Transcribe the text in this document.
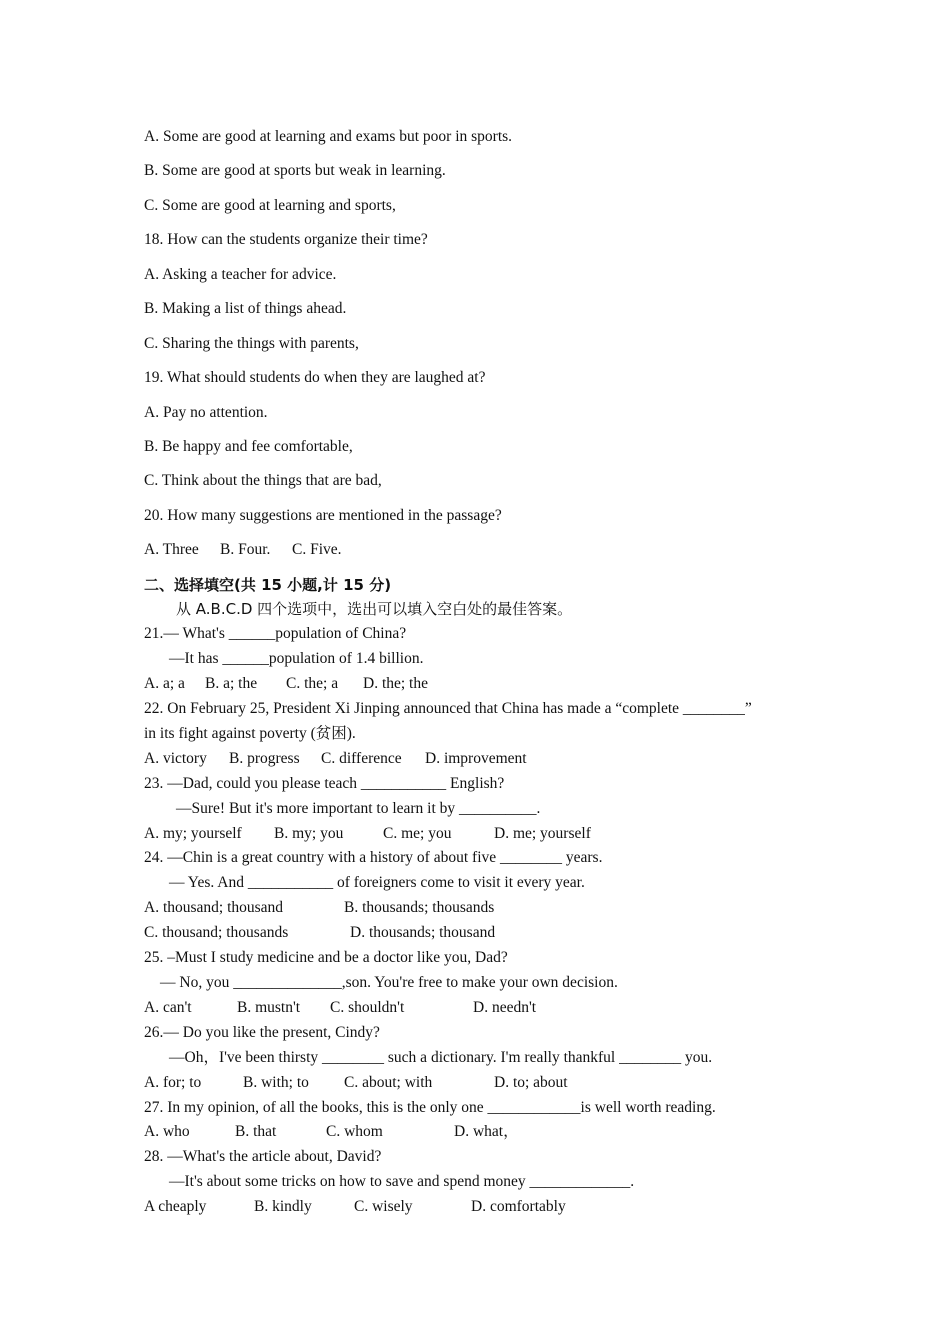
A. Some are good at learning and exams but poor in sports.
B. Some are good at sports but weak in learning.
C. Some are good at learning and sports,
18. How can the students organize their time?
A. Asking a teacher for advice.
B. Making a list of things ahead.
C. Sharing the things with parents,
19. What should students do when they are laughed at?
A. Pay no attention.
B. Be happy and fee comfortable,
C. Think about the things that are bad,
20. How many suggestions are mentioned in the passage?
A. Three B. Four. C. Five.
二、选择填空(共 15 小题,计 15 分)
从 A.B.C.D 四个选项中，选出可以填入空白处的最佳答案。
21.— What's ______population of China?
—It has ______population of 1.4 billion.
A. a; a B. a; the C. the; a D. the; the
22. On February 25, President Xi Jinping announced that China has made a “complete ________”
in its fight against poverty (贫困).
A. victory B. progress C. difference D. improvement
23. —Dad, could you please teach ___________ English?
—Sure! But it's more important to learn it by __________.
A. my; yourself B. my; you	C. me; you	D. me; yourself
24. —Chin is a great country with a history of about five ________ years.
— Yes. And ___________ of foreigners come to visit it every year.
A. thousand; thousand	B. thousands; thousands
C. thousand; thousands	D. thousands; thousand
25. –Must I study medicine and be a doctor like you, Dad?
— No, you ______________,son. You're free to make your own decision.
A. can't	B. mustn't C. shouldn't	D. needn't
26.— Do you like the present, Cindy?
—Oh，I've been thirsty ________ such a dictionary. I'm really thankful ________ you.
A. for; to	B. with; to C. about; with	D. to; about
27. In my opinion, of all the books, this is the only one ____________is well worth reading.
A. who	B. that	C. whom	D. what，
28. —What's the article about, David?
—It's about some tricks on how to save and spend money _____________.
A cheaply	B. kindly	C. wisely	D. comfortably
